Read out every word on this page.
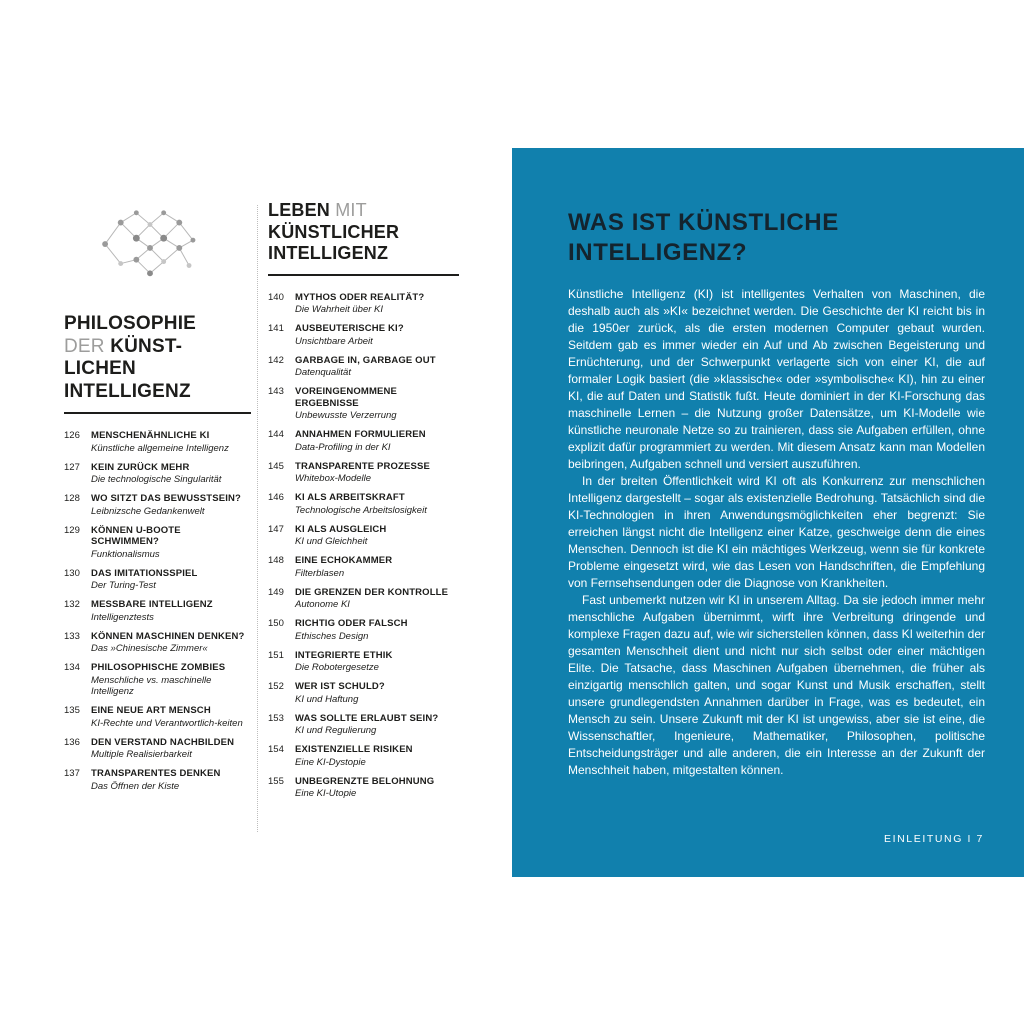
PHILOSOPHIE
DER KÜNST-
LICHEN
INTELLIGENZ
126	MENSCHENÄHNLICHE KI
Künstliche allgemeine Intelligenz
127	KEIN ZURÜCK MEHR
Die technologische Singularität
128	WO SITZT DAS BEWUSSTSEIN?
Leibnizsche Gedankenwelt
129	KÖNNEN U-BOOTE SCHWIMMEN?
Funktionalismus
130	DAS IMITATIONSSPIEL
Der Turing-Test
132	MESSBARE INTELLIGENZ
Intelligenztests
133	KÖNNEN MASCHINEN DENKEN?
Das »Chinesische Zimmer«
134	PHILOSOPHISCHE ZOMBIES
Menschliche vs. maschinelle Intelligenz
135	EINE NEUE ART MENSCH
KI-Rechte und Verantwortlich-keiten
136	DEN VERSTAND NACHBILDEN
Multiple Realisierbarkeit
137	TRANSPARENTES DENKEN
Das Öffnen der Kiste
LEBEN MIT
KÜNSTLICHER
INTELLIGENZ
140	MYTHOS ODER REALITÄT?
Die Wahrheit über KI
141	AUSBEUTERISCHE KI?
Unsichtbare Arbeit
142	GARBAGE IN, GARBAGE OUT
Datenqualität
143	VOREINGENOMMENE ERGEBNISSE
Unbewusste Verzerrung
144	ANNAHMEN FORMULIEREN
Data-Profiling in der KI
145	TRANSPARENTE PROZESSE
Whitebox-Modelle
146	KI ALS ARBEITSKRAFT
Technologische Arbeitslosigkeit
147	KI ALS AUSGLEICH
KI und Gleichheit
148	EINE ECHOKAMMER
Filterblasen
149	DIE GRENZEN DER KONTROLLE
Autonome KI
150	RICHTIG ODER FALSCH
Ethisches Design
151	INTEGRIERTE ETHIK
Die Robotergesetze
152	WER IST SCHULD?
KI und Haftung
153	WAS SOLLTE ERLAUBT SEIN?
KI und Regulierung
154	EXISTENZIELLE RISIKEN
Eine KI-Dystopie
155	UNBEGRENZTE BELOHNUNG
Eine KI-Utopie
WAS IST KÜNSTLICHE INTELLIGENZ?

Künstliche Intelligenz (KI) ist intelligentes Verhalten von Maschinen, die deshalb auch als »KI« bezeichnet werden. Die Geschichte der KI reicht bis in die 1950er zurück, als die ersten modernen Computer gebaut wurden. Seitdem gab es immer wieder ein Auf und Ab zwischen Begeisterung und Ernüchterung, und der Schwerpunkt verlagerte sich von einer KI, die auf formaler Logik basiert (die »klassische« oder »symbolische« KI), hin zu einer KI, die auf Daten und Statistik fußt. Heute dominiert in der KI-Forschung das maschinelle Lernen – die Nutzung großer Datensätze, um KI-Modelle wie künstliche neuronale Netze so zu trainieren, dass sie Aufgaben erfüllen, ohne explizit dafür programmiert zu werden. Mit diesem Ansatz kann man Modellen beibringen, Aufgaben schnell und versiert auszuführen.

In der breiten Öffentlichkeit wird KI oft als Konkurrenz zur menschlichen Intelligenz dargestellt – sogar als existenzielle Bedrohung. Tatsächlich sind die KI-Technologien in ihren Anwendungsmöglichkeiten eher begrenzt: Sie erreichen längst nicht die Intelligenz einer Katze, geschweige denn die eines Menschen. Dennoch ist die KI ein mächtiges Werkzeug, wenn sie für konkrete Probleme eingesetzt wird, wie das Lesen von Handschriften, die Empfehlung von Fernsehsendungen oder die Diagnose von Krankheiten.

Fast unbemerkt nutzen wir KI in unserem Alltag. Da sie jedoch immer mehr menschliche Aufgaben übernimmt, wirft ihre Verbreitung dringende und komplexe Fragen dazu auf, wie wir sicherstellen können, dass KI weiterhin der gesamten Menschheit dient und nicht nur sich selbst oder einer mächtigen Elite. Die Tatsache, dass Maschinen Aufgaben übernehmen, die früher als einzigartig menschlich galten, und sogar Kunst und Musik erschaffen, stellt unsere grundlegendsten Annahmen darüber in Frage, was es bedeutet, ein Mensch zu sein. Unsere Zukunft mit der KI ist ungewiss, aber sie ist eine, die Wissenschaftler, Ingenieure, Mathematiker, Philosophen, politische Entscheidungsträger und alle anderen, die ein Interesse an der Zukunft der Menschheit haben, mitgestalten können.

EINLEITUNG I 7
